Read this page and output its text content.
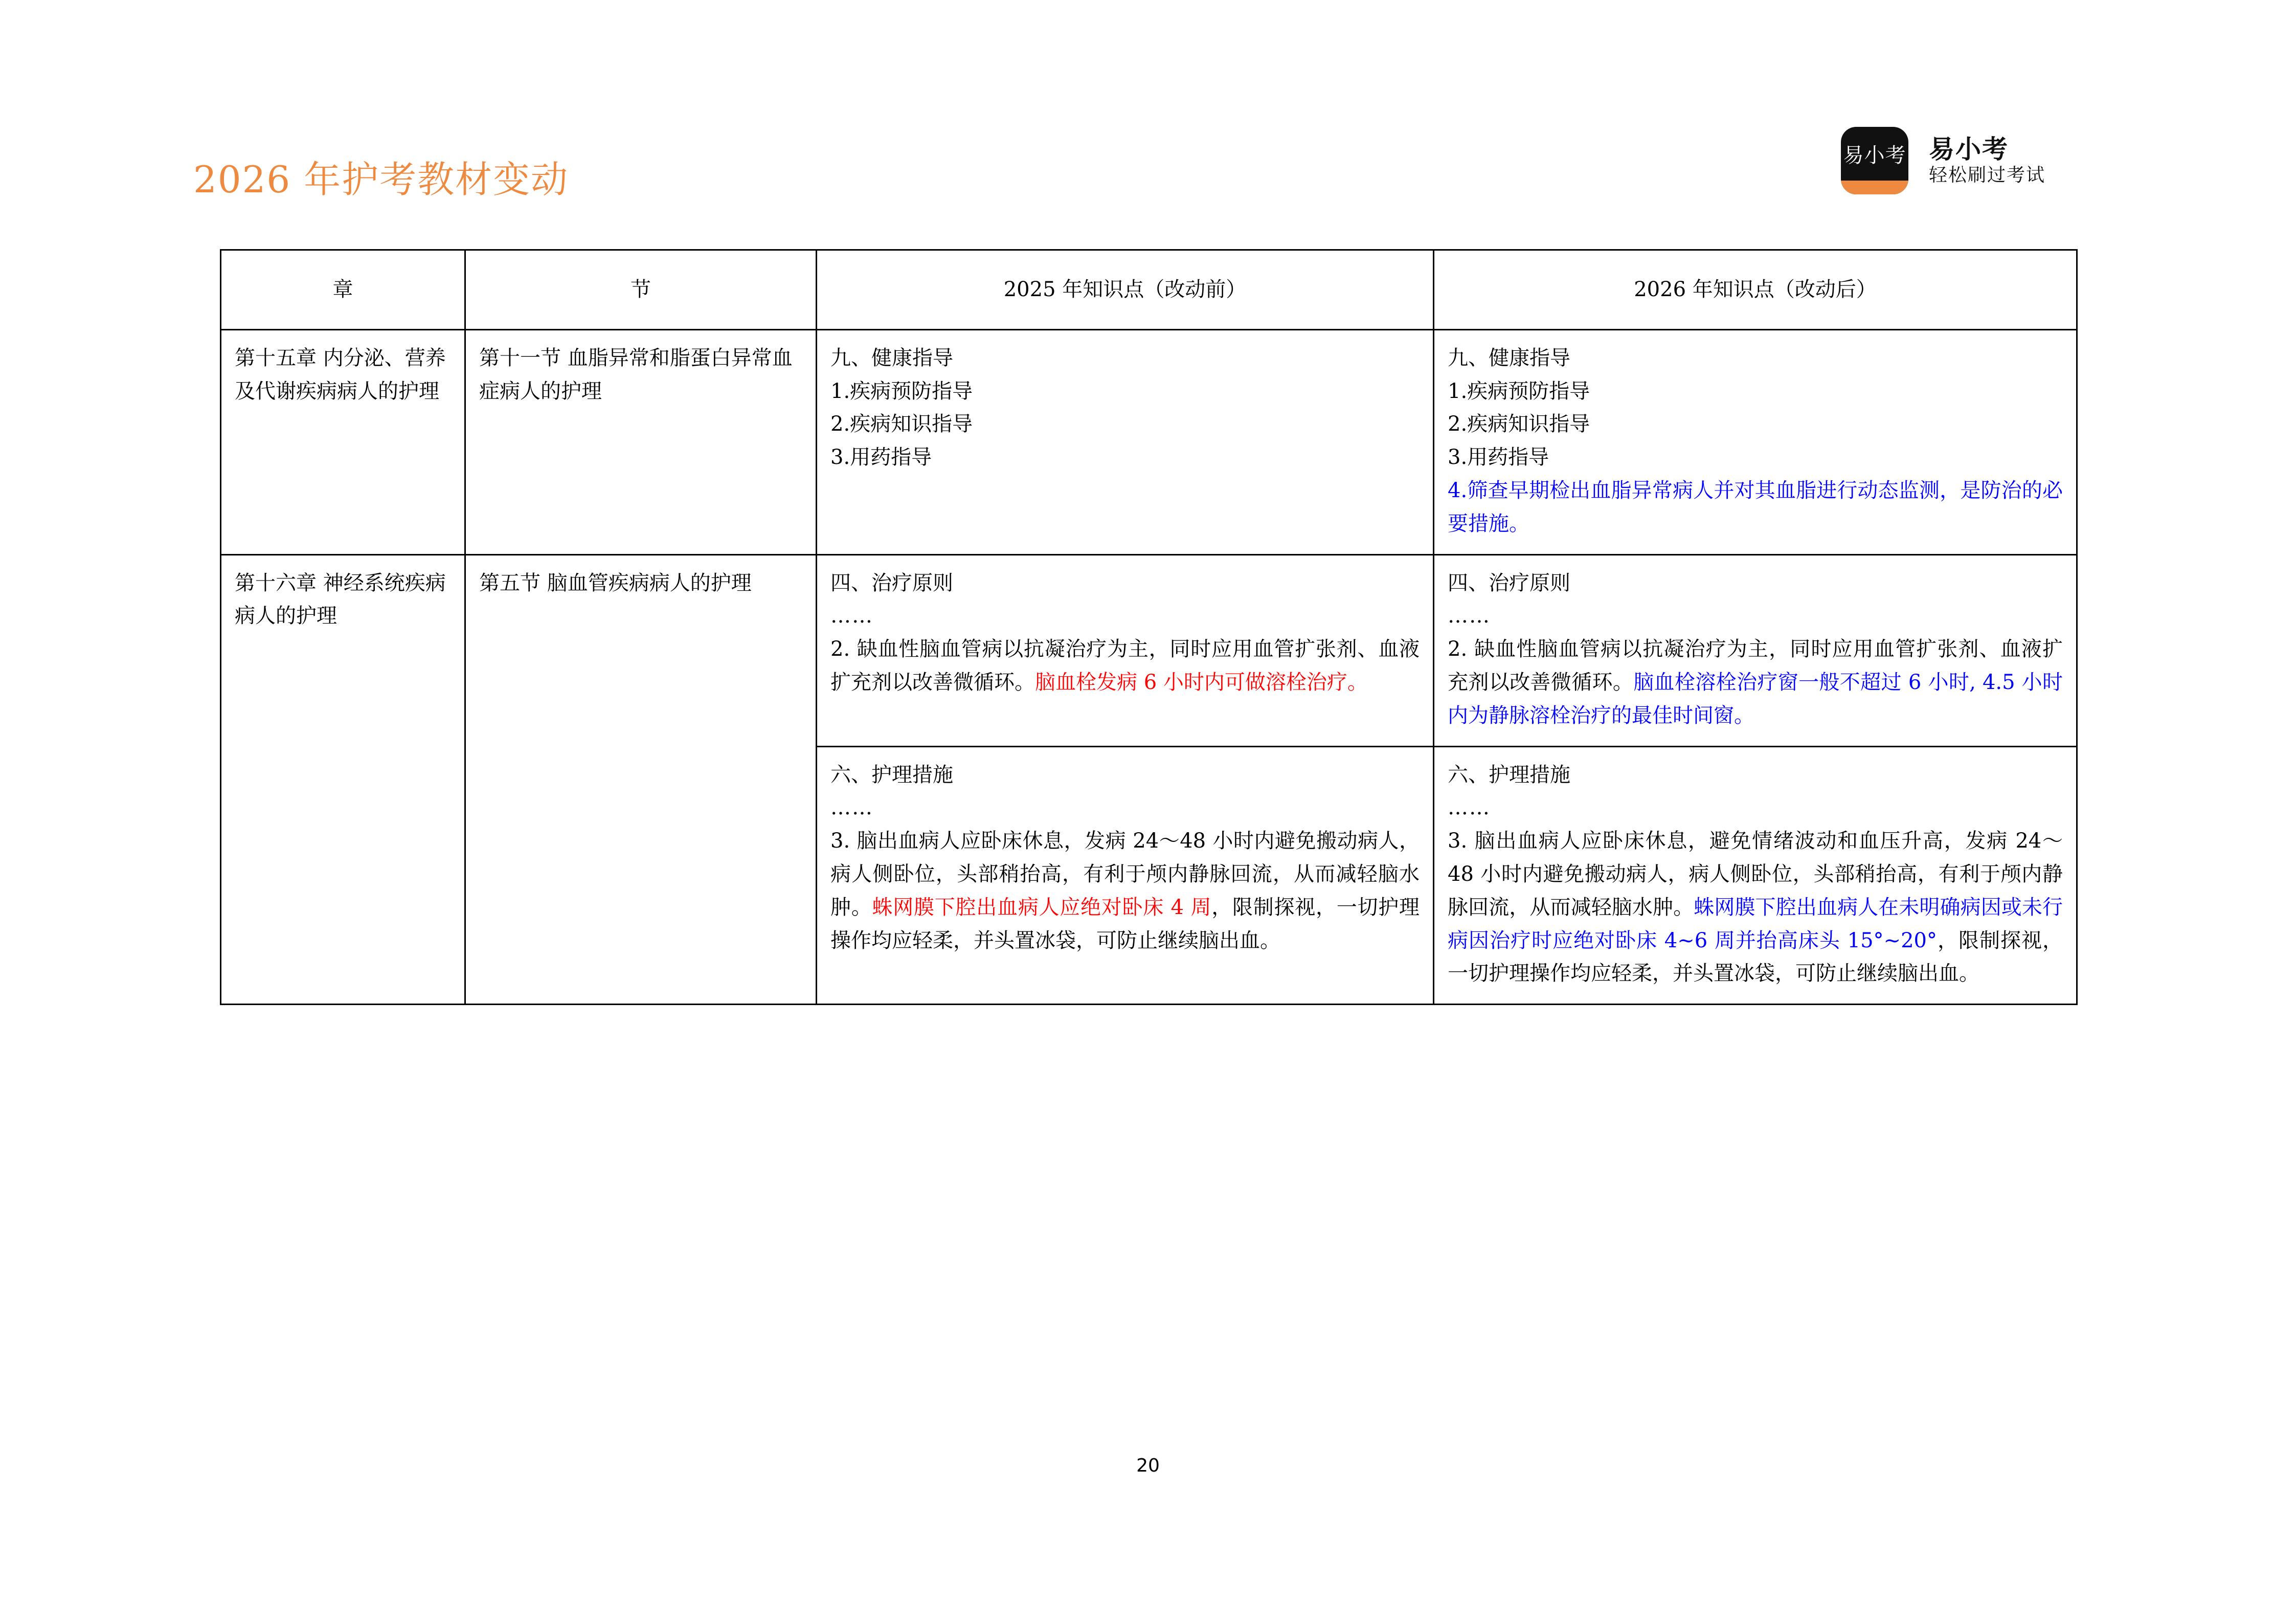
2026 年护考教材变动
易小考 易小考
轻松刷过考试
章	节	2025 年知识点（改动前）	2026 年知识点（改动后）
第十五章 内分泌、营养及代谢疾病病人的护理	第十一节 血脂异常和脂蛋白异常血症病人的护理	九、健康指导
1.疾病预防指导
2.疾病知识指导
3.用药指导	九、健康指导
1.疾病预防指导
2.疾病知识指导
3.用药指导
4.筛查早期检出血脂异常病人并对其血脂进行动态监测，是防治的必要措施。

第十六章 神经系统疾病病人的护理	第五节 脑血管疾病病人的护理	四、治疗原则
……
2. 缺血性脑血管病以抗凝治疗为主，同时应用血管扩张剂、血液扩充剂以改善微循环。脑血栓发病 6 小时内可做溶栓治疗。	四、治疗原则
……
2. 缺血性脑血管病以抗凝治疗为主，同时应用血管扩张剂、血液扩充剂以改善微循环。脑血栓溶栓治疗窗一般不超过 6 小时, 4.5 小时内为静脉溶栓治疗的最佳时间窗。

		六、护理措施
……
3. 脑出血病人应卧床休息，发病 24～48 小时内避免搬动病人，病人侧卧位，头部稍抬高，有利于颅内静脉回流，从而减轻脑水肿。蛛网膜下腔出血病人应绝对卧床 4 周，限制探视，一切护理操作均应轻柔，并头置冰袋，可防止继续脑出血。	六、护理措施
……
3. 脑出血病人应卧床休息，避免情绪波动和血压升高，发病 24～48 小时内避免搬动病人，病人侧卧位，头部稍抬高，有利于颅内静脉回流，从而减轻脑水肿。蛛网膜下腔出血病人在未明确病因或未行病因治疗时应绝对卧床 4~6 周并抬高床头 15°~20°，限制探视，一切护理操作均应轻柔，并头置冰袋，可防止继续脑出血。
20
